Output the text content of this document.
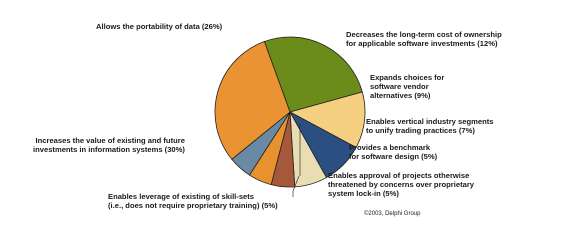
Allows the portability of data (26%)
Decreases the long-term cost of ownership
for applicable software investments (12%)
Expands choices for
software vendor
alternatives (9%)
Enables vertical industry segments
to unify trading practices (7%)
Provides a benchmark
for software design (5%)
Enables approval of projects otherwise
threatened by concerns over proprietary
system lock-in (5%)
Enables leverage of existing of skill-sets
(i.e., does not require proprietary training) (5%)
Increases the value of existing and future
investments in information systems (30%)
©2003, Delphi Group
